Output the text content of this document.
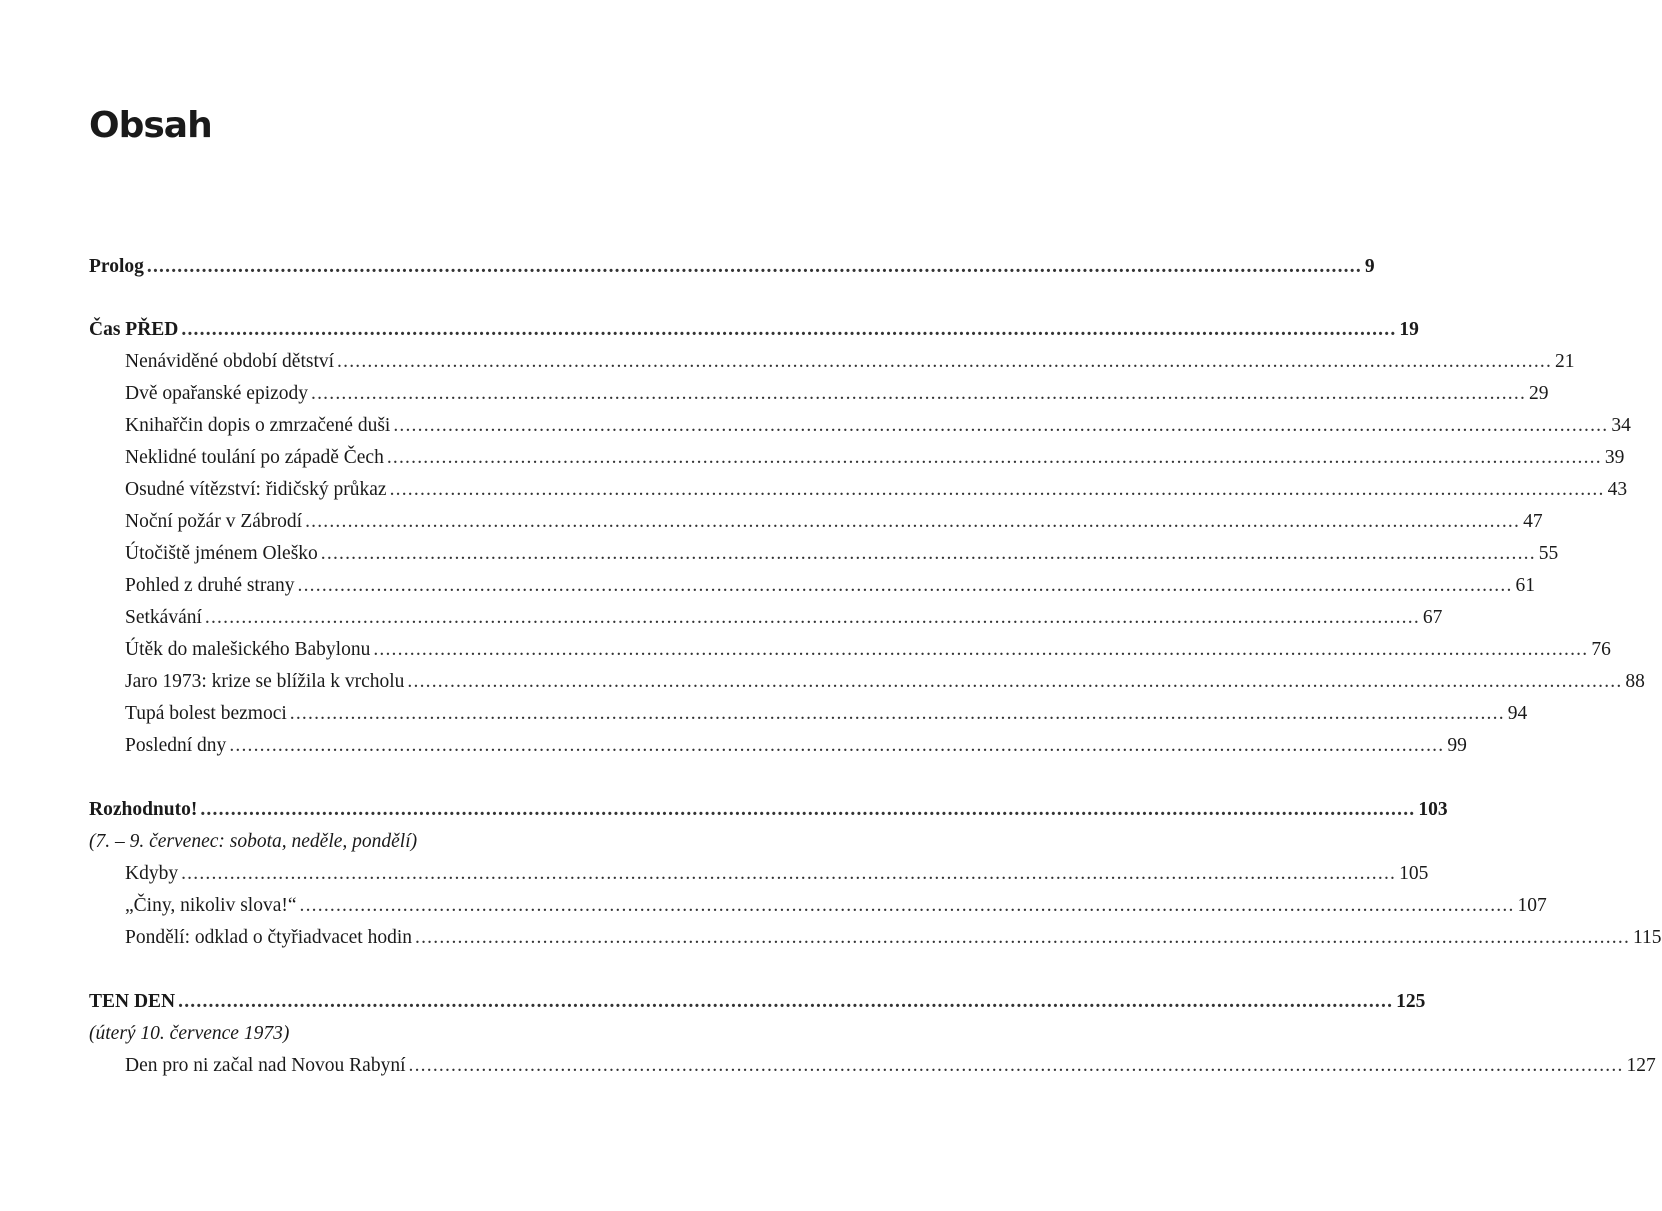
Obsah
Prolog ........................................................................................................................................................................................................ 9
Čas PŘED ........................................................................................................................................................................................................ 19
Nenáviděné období dětství ........................................................................................................................................................................................................ 21
Dvě opařanské epizody ........................................................................................................................................................................................................ 29
Knihařčin dopis o zmrzačené duši ........................................................................................................................................................................................................ 34
Neklidné toulání po západě Čech ........................................................................................................................................................................................................ 39
Osudné vítězství: řidičský průkaz ........................................................................................................................................................................................................ 43
Noční požár v Zábrodí ........................................................................................................................................................................................................ 47
Útočiště jménem Oleško ........................................................................................................................................................................................................ 55
Pohled z druhé strany ........................................................................................................................................................................................................ 61
Setkávání ........................................................................................................................................................................................................ 67
Útěk do malešického Babylonu ........................................................................................................................................................................................................ 76
Jaro 1973: krize se blížila k vrcholu ........................................................................................................................................................................................................ 88
Tupá bolest bezmoci ........................................................................................................................................................................................................ 94
Poslední dny ........................................................................................................................................................................................................ 99
Rozhodnuto! ........................................................................................................................................................................................................ 103
(7. – 9. červenec: sobota, neděle, pondělí)
Kdyby ........................................................................................................................................................................................................ 105
„Činy, nikoliv slova!“ ........................................................................................................................................................................................................ 107
Pondělí: odklad o čtyřiadvacet hodin ........................................................................................................................................................................................................ 115
TEN DEN ........................................................................................................................................................................................................ 125
(úterý 10. července 1973)
Den pro ni začal nad Novou Rabyní ........................................................................................................................................................................................................ 127
